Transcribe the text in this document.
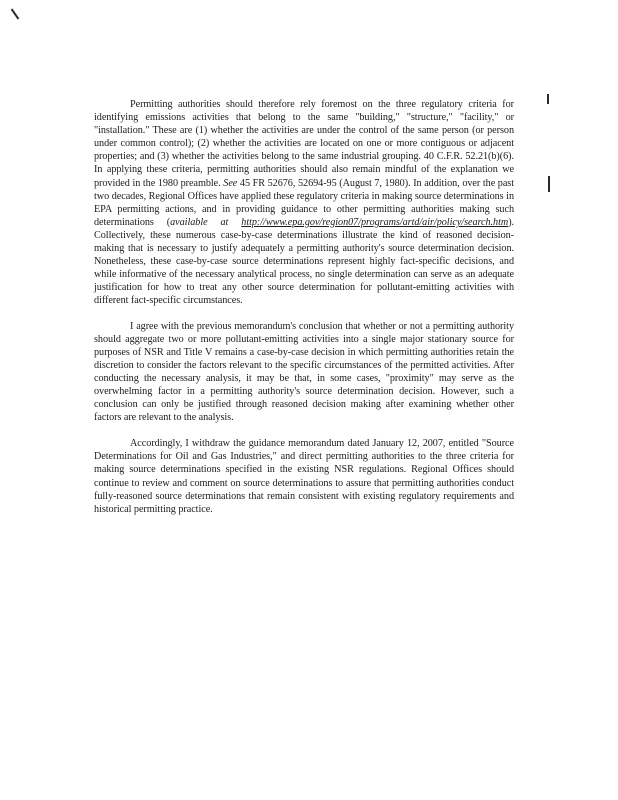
Permitting authorities should therefore rely foremost on the three regulatory criteria for identifying emissions activities that belong to the same "building," "structure," "facility," or "installation." These are (1) whether the activities are under the control of the same person (or person under common control); (2) whether the activities are located on one or more contiguous or adjacent properties; and (3) whether the activities belong to the same industrial grouping. 40 C.F.R. 52.21(b)(6). In applying these criteria, permitting authorities should also remain mindful of the explanation we provided in the 1980 preamble. See 45 FR 52676, 52694-95 (August 7, 1980). In addition, over the past two decades, Regional Offices have applied these regulatory criteria in making source determinations in EPA permitting actions, and in providing guidance to other permitting authorities making such determinations (available at http://www.epa.gov/region07/programs/artd/air/policy/search.htm). Collectively, these numerous case-by-case determinations illustrate the kind of reasoned decision-making that is necessary to justify adequately a permitting authority's source determination decision. Nonetheless, these case-by-case source determinations represent highly fact-specific decisions, and while informative of the necessary analytical process, no single determination can serve as an adequate justification for how to treat any other source determination for pollutant-emitting activities with different fact-specific circumstances.

I agree with the previous memorandum's conclusion that whether or not a permitting authority should aggregate two or more pollutant-emitting activities into a single major stationary source for purposes of NSR and Title V remains a case-by-case decision in which permitting authorities retain the discretion to consider the factors relevant to the specific circumstances of the permitted activities. After conducting the necessary analysis, it may be that, in some cases, "proximity" may serve as the overwhelming factor in a permitting authority's source determination decision. However, such a conclusion can only be justified through reasoned decision making after examining whether other factors are relevant to the analysis.

Accordingly, I withdraw the guidance memorandum dated January 12, 2007, entitled "Source Determinations for Oil and Gas Industries," and direct permitting authorities to the three criteria for making source determinations specified in the existing NSR regulations. Regional Offices should continue to review and comment on source determinations to assure that permitting authorities conduct fully-reasoned source determinations that remain consistent with existing regulatory requirements and historical permitting practice.
